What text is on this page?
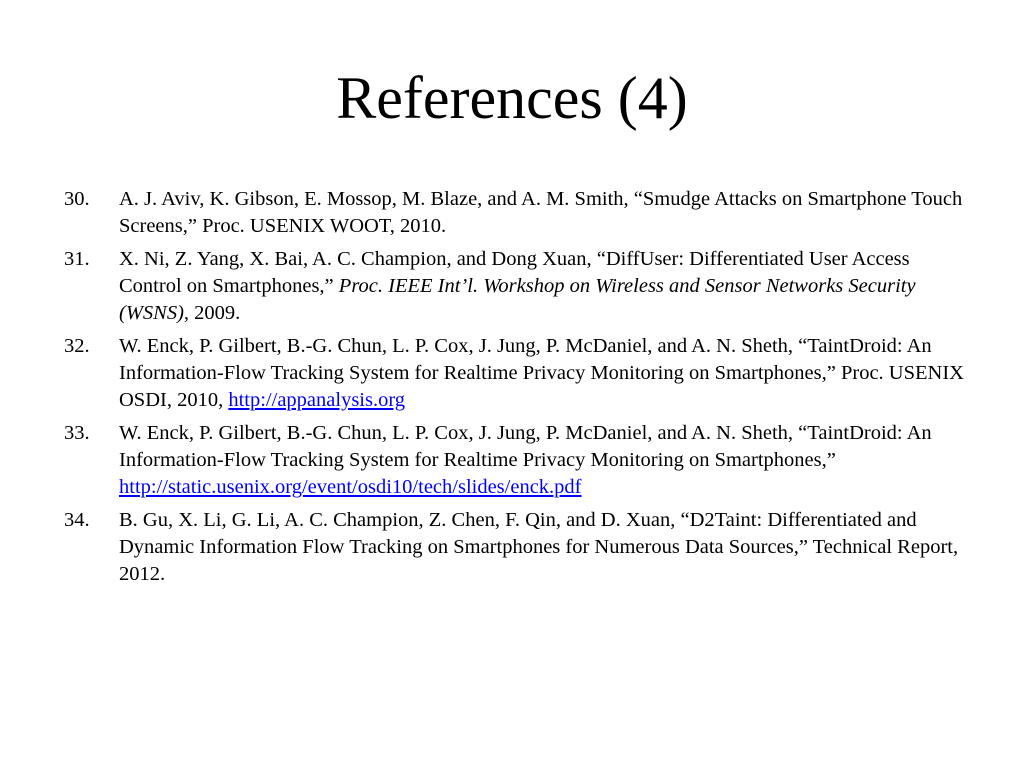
References (4)
30. A. J. Aviv, K. Gibson, E. Mossop, M. Blaze, and A. M. Smith, “Smudge Attacks on Smartphone Touch Screens,” Proc. USENIX WOOT, 2010.
31. X. Ni, Z. Yang, X. Bai, A. C. Champion, and Dong Xuan, “DiffUser: Differentiated User Access Control on Smartphones,” Proc. IEEE Int’l. Workshop on Wireless and Sensor Networks Security (WSNS), 2009.
32. W. Enck, P. Gilbert, B.-G. Chun, L. P. Cox, J. Jung, P. McDaniel, and A. N. Sheth, “TaintDroid: An Information-Flow Tracking System for Realtime Privacy Monitoring on Smartphones,” Proc. USENIX OSDI, 2010, http://appanalysis.org
33. W. Enck, P. Gilbert, B.-G. Chun, L. P. Cox, J. Jung, P. McDaniel, and A. N. Sheth, “TaintDroid: An Information-Flow Tracking System for Realtime Privacy Monitoring on Smartphones,” http://static.usenix.org/event/osdi10/tech/slides/enck.pdf
34. B. Gu, X. Li, G. Li, A. C. Champion, Z. Chen, F. Qin, and D. Xuan, “D2Taint: Differentiated and Dynamic Information Flow Tracking on Smartphones for Numerous Data Sources,” Technical Report, 2012.
